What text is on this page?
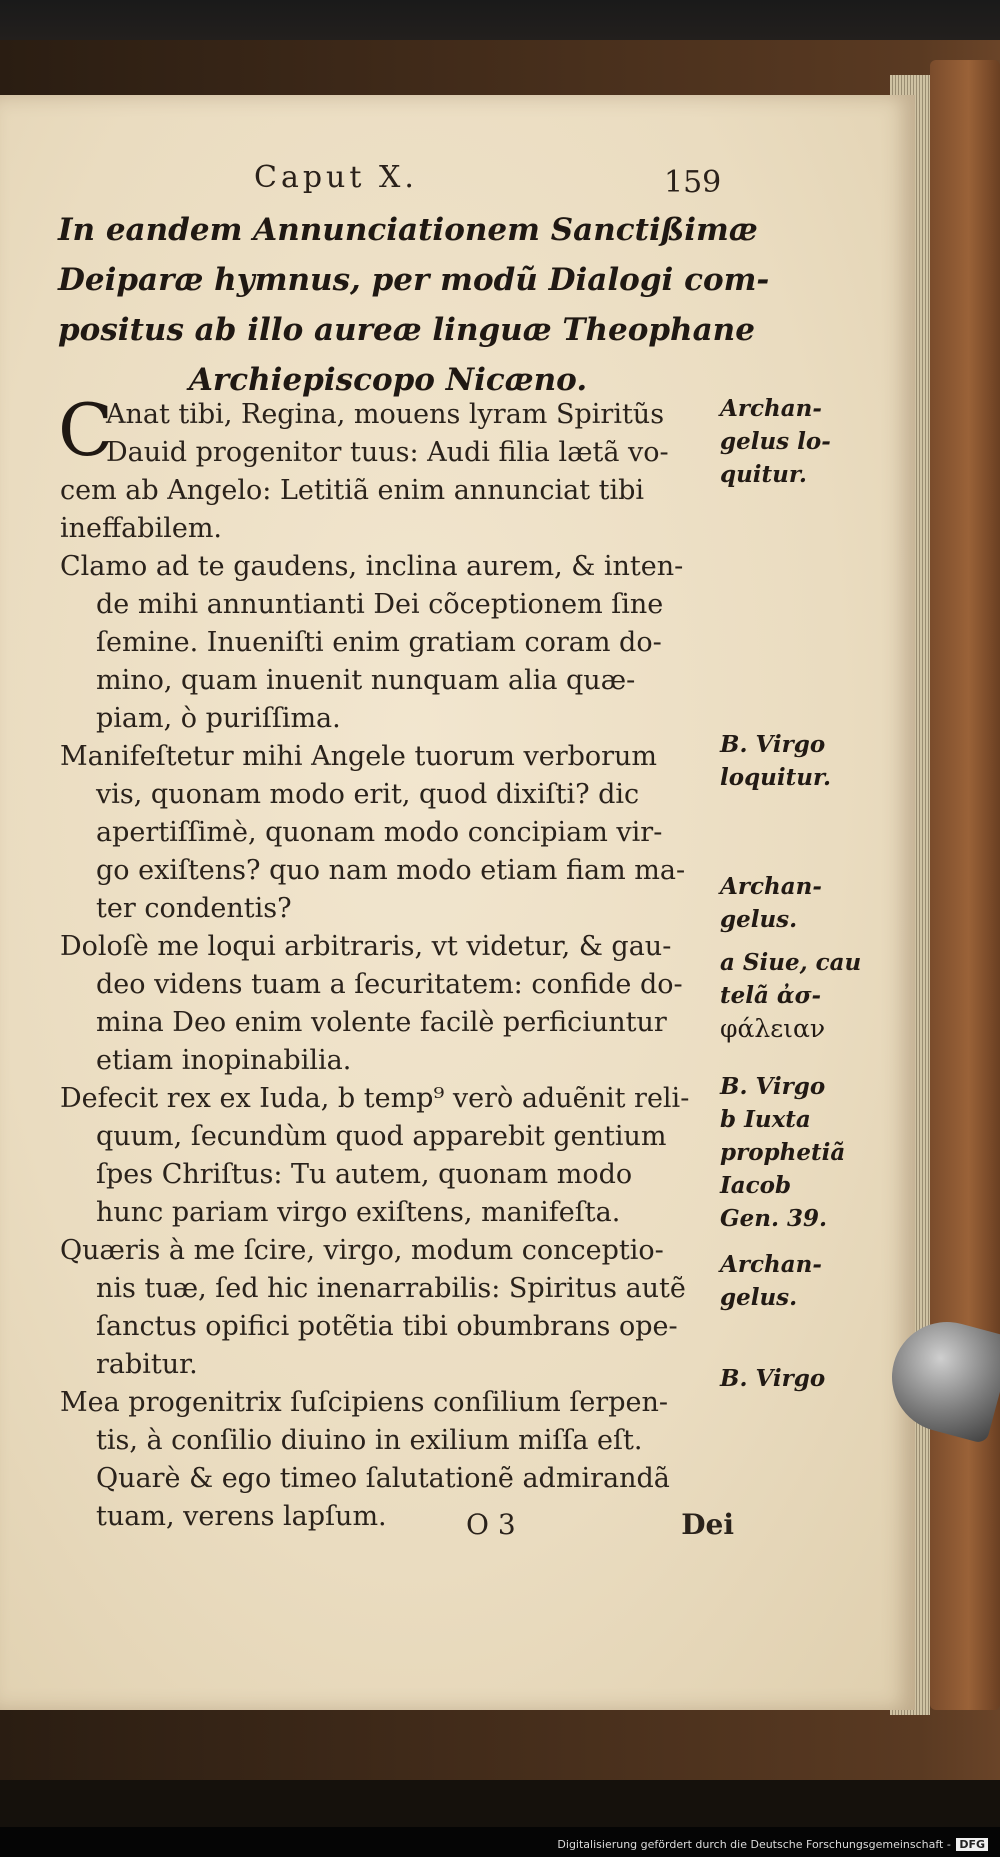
Caput X.	159
In eandem Annunciationem Sanctißimæ
Deiparæ hymnus, per modũ Dialogi com-
positus ab illo aureæ linguæ Theophane
Archiepiscopo Nicæno.
C
Anat tibi, Regina, mouens lyram Spiritũs
Dauid progenitor tuus: Audi filia lætã vo-
cem ab Angelo: Letitiã enim annunciat tibi
ineffabilem.
Clamo ad te gaudens, inclina aurem, & inten-
de mihi annuntianti Dei cõceptionem ſine
ſemine. Inueniſti enim gratiam coram do-
mino, quam inuenit nunquam alia quæ-
piam, ò puriſſima.
Manifeſtetur mihi Angele tuorum verborum
vis, quonam modo erit, quod dixiſti? dic
apertiſſimè, quonam modo concipiam vir-
go exiſtens? quo nam modo etiam fiam ma-
ter condentis?
Doloſè me loqui arbitraris, vt videtur, & gau-
deo videns tuam a ſecuritatem: confide do-
mina Deo enim volente facilè perficiuntur
etiam inopinabilia.
Defecit rex ex Iuda, b temp⁹ verò aduẽnit reli-
quum, ſecundùm quod apparebit gentium
ſpes Chriſtus: Tu autem, quonam modo
hunc pariam virgo exiſtens, manifeſta.
Quæris à me ſcire, virgo, modum conceptio-
nis tuæ, ſed hic inenarrabilis: Spiritus autẽ
ſanctus opifici potẽtia tibi obumbrans ope-
rabitur.
Mea progenitrix ſuſcipiens conſilium ſerpen-
tis, à conſilio diuino in exilium miſſa eſt.
Quarè & ego timeo ſalutationẽ admirandã
tuam, verens lapſum.	O 3	Dei
Archan-
gelus lo-
quitur.
B. Virgo
loquitur.
Archan-
gelus.
a Siue, cau
telã ἀσ-
φάλειαν
B. Virgo
b Iuxta
prophetiã
Iacob
Gen. 39.
Archan-
gelus.
B. Virgo
Digitalisierung gefördert durch die Deutsche Forschungsgemeinschaft - DFG
